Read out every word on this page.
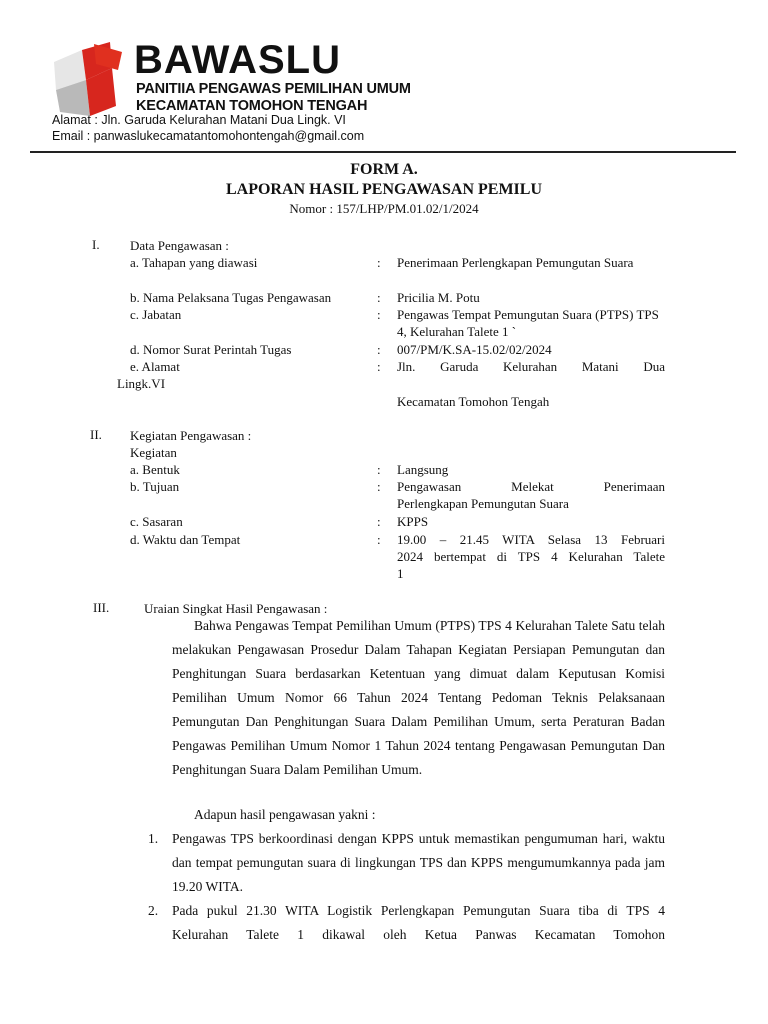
BAWASLU
PANITIIA PENGAWAS PEMILIHAN UMUM
KECAMATAN TOMOHON TENGAH
Alamat : Jln. Garuda Kelurahan Matani Dua Lingk. VI
Email : panwaslukecamatantomohontengah@gmail.com
FORM A.
LAPORAN HASIL PENGAWASAN PEMILU
Nomor : 157/LHP/PM.01.02/1/2024
I. Data Pengawasan :
a. Tahapan yang diawasi	: Penerimaan Perlengkapan Pemungutan Suara
b. Nama Pelaksana Tugas Pengawasan	: Pricilia M. Potu
c. Jabatan	: Pengawas Tempat Pemungutan Suara (PTPS) TPS 4, Kelurahan Talete 1 `
d. Nomor Surat Perintah Tugas	: 007/PM/K.SA-15.02/02/2024
e. Alamat	: Jln. Garuda Kelurahan Matani Dua
Lingk.VI
Kecamatan Tomohon Tengah
II. Kegiatan Pengawasan :
Kegiatan
a. Bentuk	: Langsung
b. Tujuan	: Pengawasan Melekat Penerimaan
Perlengkapan Pemungutan Suara
c. Sasaran	: KPPS
d. Waktu dan Tempat	: 19.00 – 21.45 WITA Selasa 13 Februari
2024 bertempat di TPS 4 Kelurahan Talete
1
III.	Uraian Singkat Hasil Pengawasan :
Bahwa Pengawas Tempat Pemilihan Umum (PTPS) TPS 4 Kelurahan Talete Satu telah melakukan Pengawasan Prosedur Dalam Tahapan Kegiatan Persiapan Pemungutan dan Penghitungan Suara berdasarkan Ketentuan yang dimuat dalam Keputusan Komisi Pemilihan Umum Nomor 66 Tahun 2024 Tentang Pedoman Teknis Pelaksanaan Pemungutan Dan Penghitungan Suara Dalam Pemilihan Umum, serta Peraturan Badan Pengawas Pemilihan Umum Nomor 1 Tahun 2024 tentang Pengawasan Pemungutan Dan Penghitungan Suara Dalam Pemilihan Umum.
Adapun hasil pengawasan yakni :
1. Pengawas TPS berkoordinasi dengan KPPS untuk memastikan pengumuman hari, waktu dan tempat pemungutan suara di lingkungan TPS dan KPPS mengumumkannya pada jam 19.20 WITA.
2. Pada pukul 21.30 WITA Logistik Perlengkapan Pemungutan Suara tiba di TPS 4 Kelurahan Talete 1 dikawal oleh Ketua Panwas Kecamatan Tomohon
